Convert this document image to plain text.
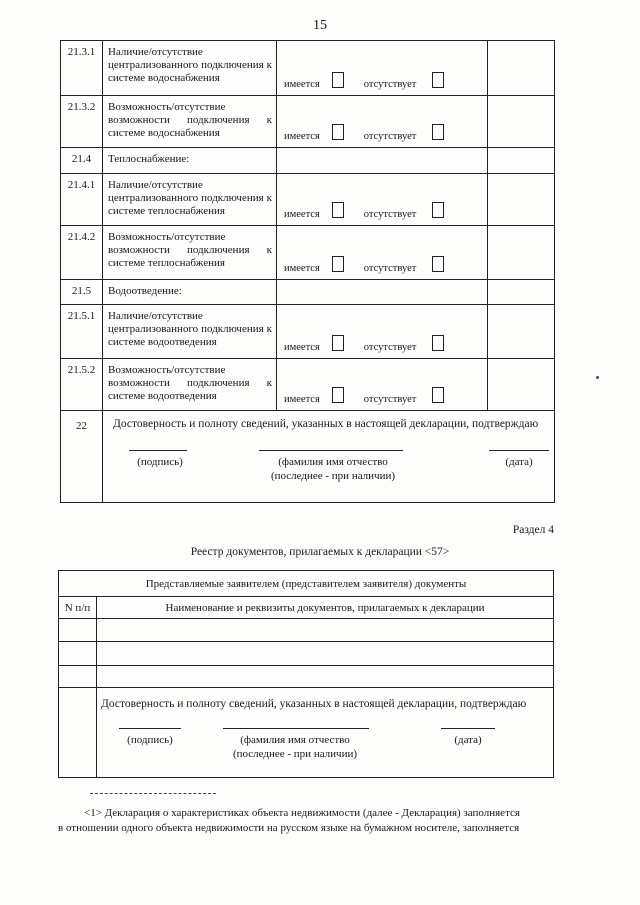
15
21.3.1	Наличие/отсутствие централизованного подключения к системе водоснабжения	имеется отсутствует	
21.3.2	Возможность/отсутствие возможности подключения к системе водоснабжения	имеется отсутствует	
21.4	Теплоснабжение:		
21.4.1	Наличие/отсутствие централизованного подключения к системе теплоснабжения	имеется отсутствует	
21.4.2	Возможность/отсутствие возможности подключения к системе теплоснабжения	имеется отсутствует	
21.5	Водоотведение:		
21.5.1	Наличие/отсутствие централизованного подключения к системе водоотведения	имеется отсутствует	
21.5.2	Возможность/отсутствие возможности подключения к системе водоотведения	имеется отсутствует	
22	Достоверность и полноту сведений, указанных в настоящей декларации, подтверждаю
(подпись) (фамилия имя отчество
(последнее - при наличии)
(дата)		
Раздел 4
Реестр документов, прилагаемых к декларации <57>
Представляемые заявителем (представителем заявителя) документы	
N п/п	Наименование и реквизиты документов, прилагаемых к декларации

	Достоверность и полноту сведений, указанных в настоящей декларации, подтверждаю
(подпись) (фамилия имя отчество
(последнее - при наличии)
(дата)

<1> Декларация о характеристиках объекта недвижимости (далее - Декларация) заполняется

в отношении одного объекта недвижимости на русском языке на бумажном носителе, заполняется
